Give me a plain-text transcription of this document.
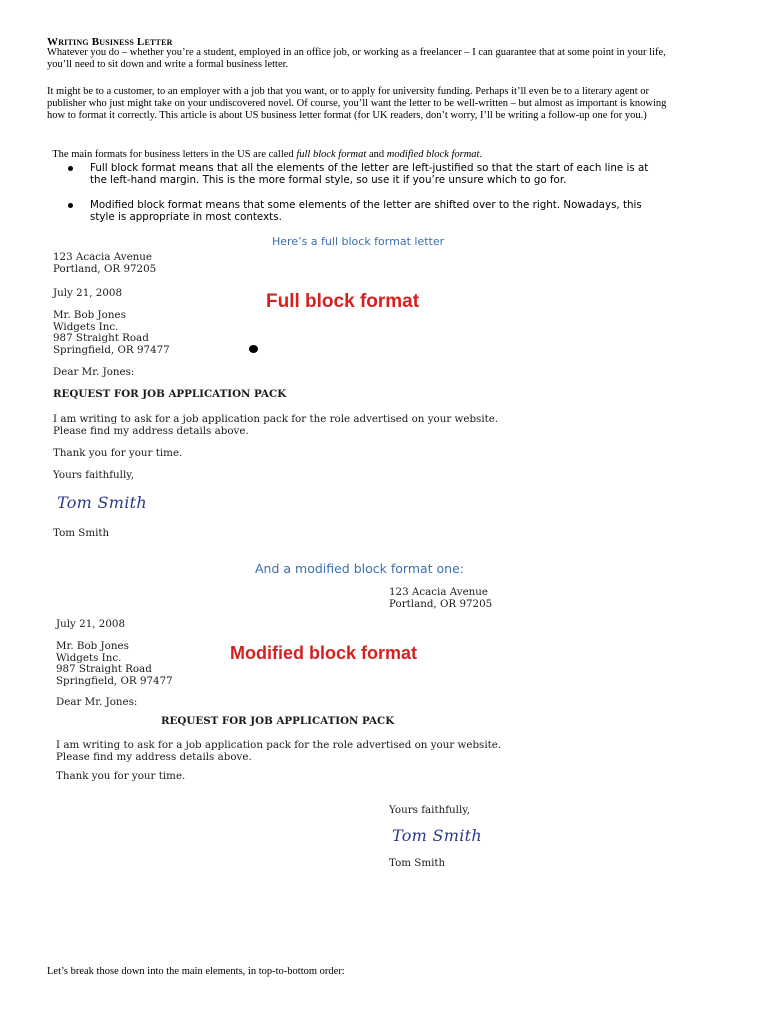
Writing Business Letter
Whatever you do – whether you’re a student, employed in an office job, or working as a freelancer – I can guarantee that at some point in your life,
you’ll need to sit down and write a formal business letter.
It might be to a customer, to an employer with a job that you want, or to apply for university funding. Perhaps it’ll even be to a literary agent or
publisher who just might take on your undiscovered novel. Of course, you’ll want the letter to be well-written – but almost as important is knowing
how to format it correctly. This article is about US business letter format (for UK readers, don’t worry, I’ll be writing a follow-up one for you.)

The main formats for business letters in the US are called full block format and modified block format.

Full block format means that all the elements of the letter are left-justified so that the start of each line is at
the left-hand margin. This is the more formal style, so use it if you’re unsure which to go for.
Modified block format means that some elements of the letter are shifted over to the right. Nowadays, this
style is appropriate in most contexts.
Here’s a full block format letter
123 Acacia Avenue
Portland, OR 97205
July 21, 2008	Full block format
Mr. Bob Jones
Widgets Inc.
987 Straight Road
Springfield, OR 97477
Dear Mr. Jones:
REQUEST FOR JOB APPLICATION PACK
I am writing to ask for a job application pack for the role advertised on your website.
Please find my address details above.
Thank you for your time.
Yours faithfully,
Tom Smith
Tom Smith
And a modified block format one:
123 Acacia Avenue
Portland, OR 97205
July 21, 2008
Mr. Bob Jones
Widgets Inc.
987 Straight Road
Springfield, OR 97477
Modified block format
Dear Mr. Jones:
REQUEST FOR JOB APPLICATION PACK
I am writing to ask for a job application pack for the role advertised on your website.
Please find my address details above.
Thank you for your time.
Yours faithfully,
Tom Smith
Tom Smith
Let’s break those down into the main elements, in top-to-bottom order:
